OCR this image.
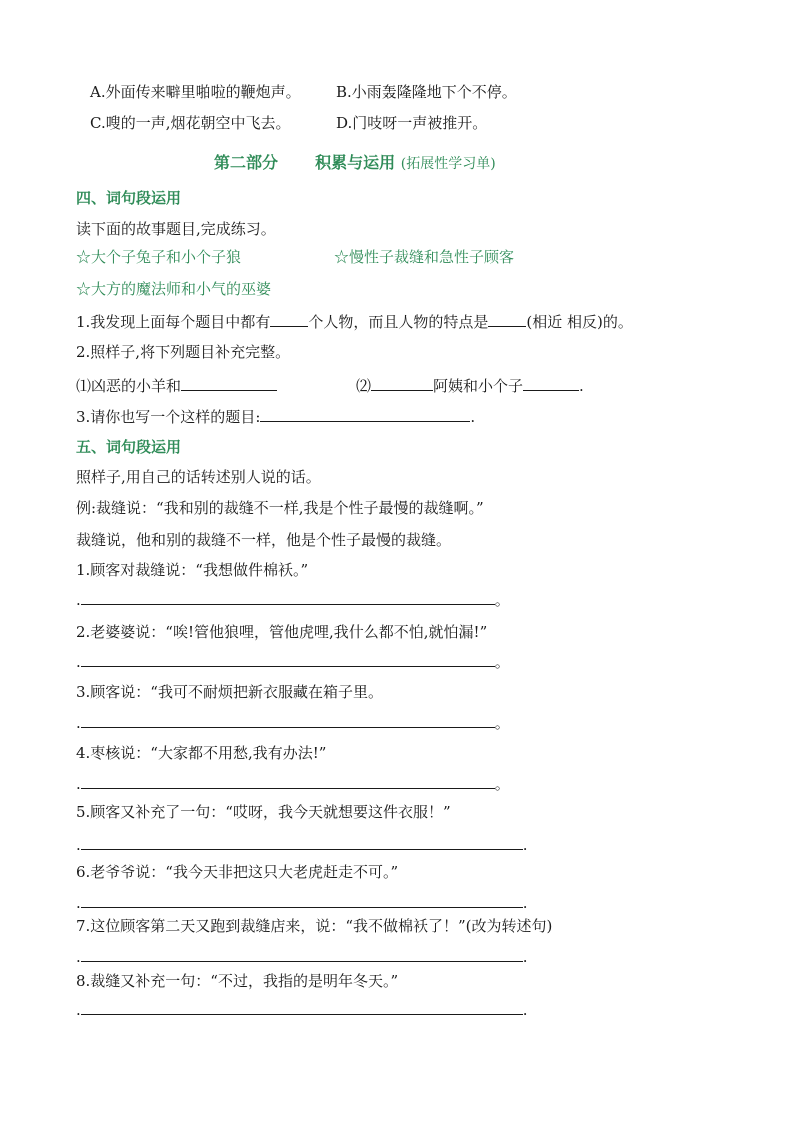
A.外面传来噼里啪啦的鞭炮声。 B.小雨轰隆隆地下个不停。
C.嗖的一声,烟花朝空中飞去。	D.门吱呀一声被推开。
第二部分 积累与运用 (拓展性学习单)
四、词句段运用
读下面的故事题目,完成练习。
☆大个子兔子和小个子狼	☆慢性子裁缝和急性子顾客
☆大方的魔法师和小气的巫婆
1.我发现上面每个题目中都有	个人物，而且人物的特点是	(相近 相反)的。
2.照样子,将下列题目补充完整。
⑴凶恶的小羊和	⑵	阿姨和小个子	.
3.请你也写一个这样的题目:	.
五、词句段运用
照样子,用自己的话转述别人说的话。
例:裁缝说：“我和别的裁缝不一样,我是个性子最慢的裁缝啊。”
裁缝说，他和别的裁缝不一样，他是个性子最慢的裁缝。
1.顾客对裁缝说：“我想做件棉袄。”
.	。
2.老婆婆说：“唉!管他狼哩，管他虎哩,我什么都不怕,就怕漏!”
.	。
3.顾客说：“我可不耐烦把新衣服藏在箱子里。
.	。
4.枣核说：“大家都不用愁,我有办法!”
.	。
5.顾客又补充了一句：“哎呀，我今天就想要这件衣服！”
.	.
6.老爷爷说：“我今天非把这只大老虎赶走不可。”
.	.
7.这位顾客第二天又跑到裁缝店来，说：“我不做棉袄了！”(改为转述句)
.	.
8.裁缝又补充一句：“不过，我指的是明年冬天。”
.	.
